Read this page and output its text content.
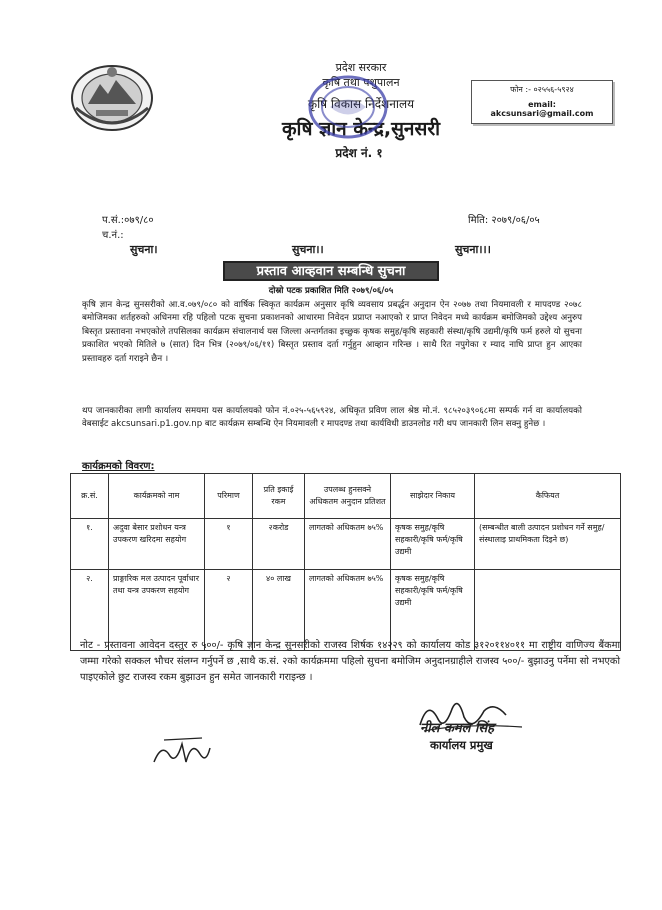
प्रदेश सरकार
कृषि तथा पशुपालन
कृषि विकास निर्देशनालय
कृषि ज्ञान केन्द्र,सुनसरी
प्रदेश नं. १
फोन :- ०२५५६-५९२४
email: akcsunsari@gmail.com
प.सं.:०७९/८०
च.नं.:
मिति: २०७९/०६/०५
सुचना।	सुचना।।	सुचना।।।
प्रस्ताव आव्हवान सम्बन्धि सुचना
दोस्रो पटक प्रकाशित मिति २०७९/०६/०५
कृषि ज्ञान केन्द्र सुनसरीको आ.व.०७९/०८० को वार्षिक स्विकृत कार्यक्रम अनुसार कृषि व्यवसाय प्रबर्द्धन अनुदान ऐन २०७७ तथा नियमावली र मापदण्ड २०७८ बमोजिमका शर्तहरुको अधिनमा रहि पहिलो पटक सुचना प्रकाशनको आधारमा निवेदन प्रप्राप्त नआएको र प्राप्त निवेदन मध्ये कार्यक्रम बमोजिमको उद्देश्य अनुरुप बिस्तृत प्रस्तावना नभएकोले तपसिलका कार्यक्रम संचालनार्थ यस जिल्ला अन्तर्गतका इच्छुक कृषक समुह/कृषि सहकारी संस्था/कृषि उद्यमी/कृषि फर्म हरुले यो सुचना प्रकाशित भएको मितिले ७ (सात) दिन भित्र (२०७९/०६/११) बिस्तृत प्रस्ताव दर्ता गर्नुहुन आव्हान गरिन्छ । साथै रित नपुगेका र म्याद नाघि प्राप्त हुन आएका प्रस्तावहरु दर्ता गराइने छैन ।
थप जानकारीका लागी कार्यालय समयमा यस कार्यालयको फोन नं.०२५-५६५९२४, अधिकृत प्रविण लाल श्रेष्ठ मो.नं. ९८५२०३९०६८मा सम्पर्क गर्न वा कार्यालयको वेबसाईट akcsunsari.p1.gov.np बाट कार्यक्रम सम्बन्धि ऐन नियमावली र मापदण्ड तथा कार्यविधी डाउनलोड गरी थप जानकारी लिन सक्नु हुनेछ ।
कार्यक्रमको विवरण:
क्र.सं.	कार्यक्रमको नाम	परिमाण	प्रति इकाई रकम	उपलब्ध हुनसक्ने अधिकतम अनुदान प्रतिशत	साझेदार निकाय	कैफियत
१.	अदुवा बेसार प्रशोधन यन्त्र उपकरण खरिदमा सहयोग	१	२करोड	लागतको अधिकतम ७५%	कृषक समुह/कृषि सहकारी/कृषि फर्म/कृषि उद्यमी	(सम्बन्धीत बाली उत्पादन प्रशोधन गर्ने समुह/संस्थालाइ प्राथमिकता दिइने छ)
२.	प्राङ्गारिक मल उत्पादन पूर्वाधार तथा यन्त्र उपकरण सहयोग	२	४० लाख	लागतको अधिकतम ७५%	कृषक समुह/कृषि सहकारी/कृषि फर्म/कृषि उद्यमी	
नोट - प्रस्तावना आवेदन दस्तुर रु ५००/- कृषि ज्ञान केन्द्र सुनसरीको राजस्व शिर्षक १४२२९ को कार्यालय कोड ३१२०११४०११ मा राष्ट्रीय वाणिज्य बैंकमा जम्मा गरेको सक्कल भौचर संलग्न गर्नुपर्ने छ ,साथै क.सं. २को कार्यक्रममा पहिलो सुचना बमोजिम अनुदानग्राहीले राजस्व ५००/- बुझाउनु पर्नेमा सो नभएको पाइएकोले छुट राजस्व रकम बुझाउन हुन समेत जानकारी गराइन्छ ।
नील कमल सिंह
कार्यालय प्रमुख
